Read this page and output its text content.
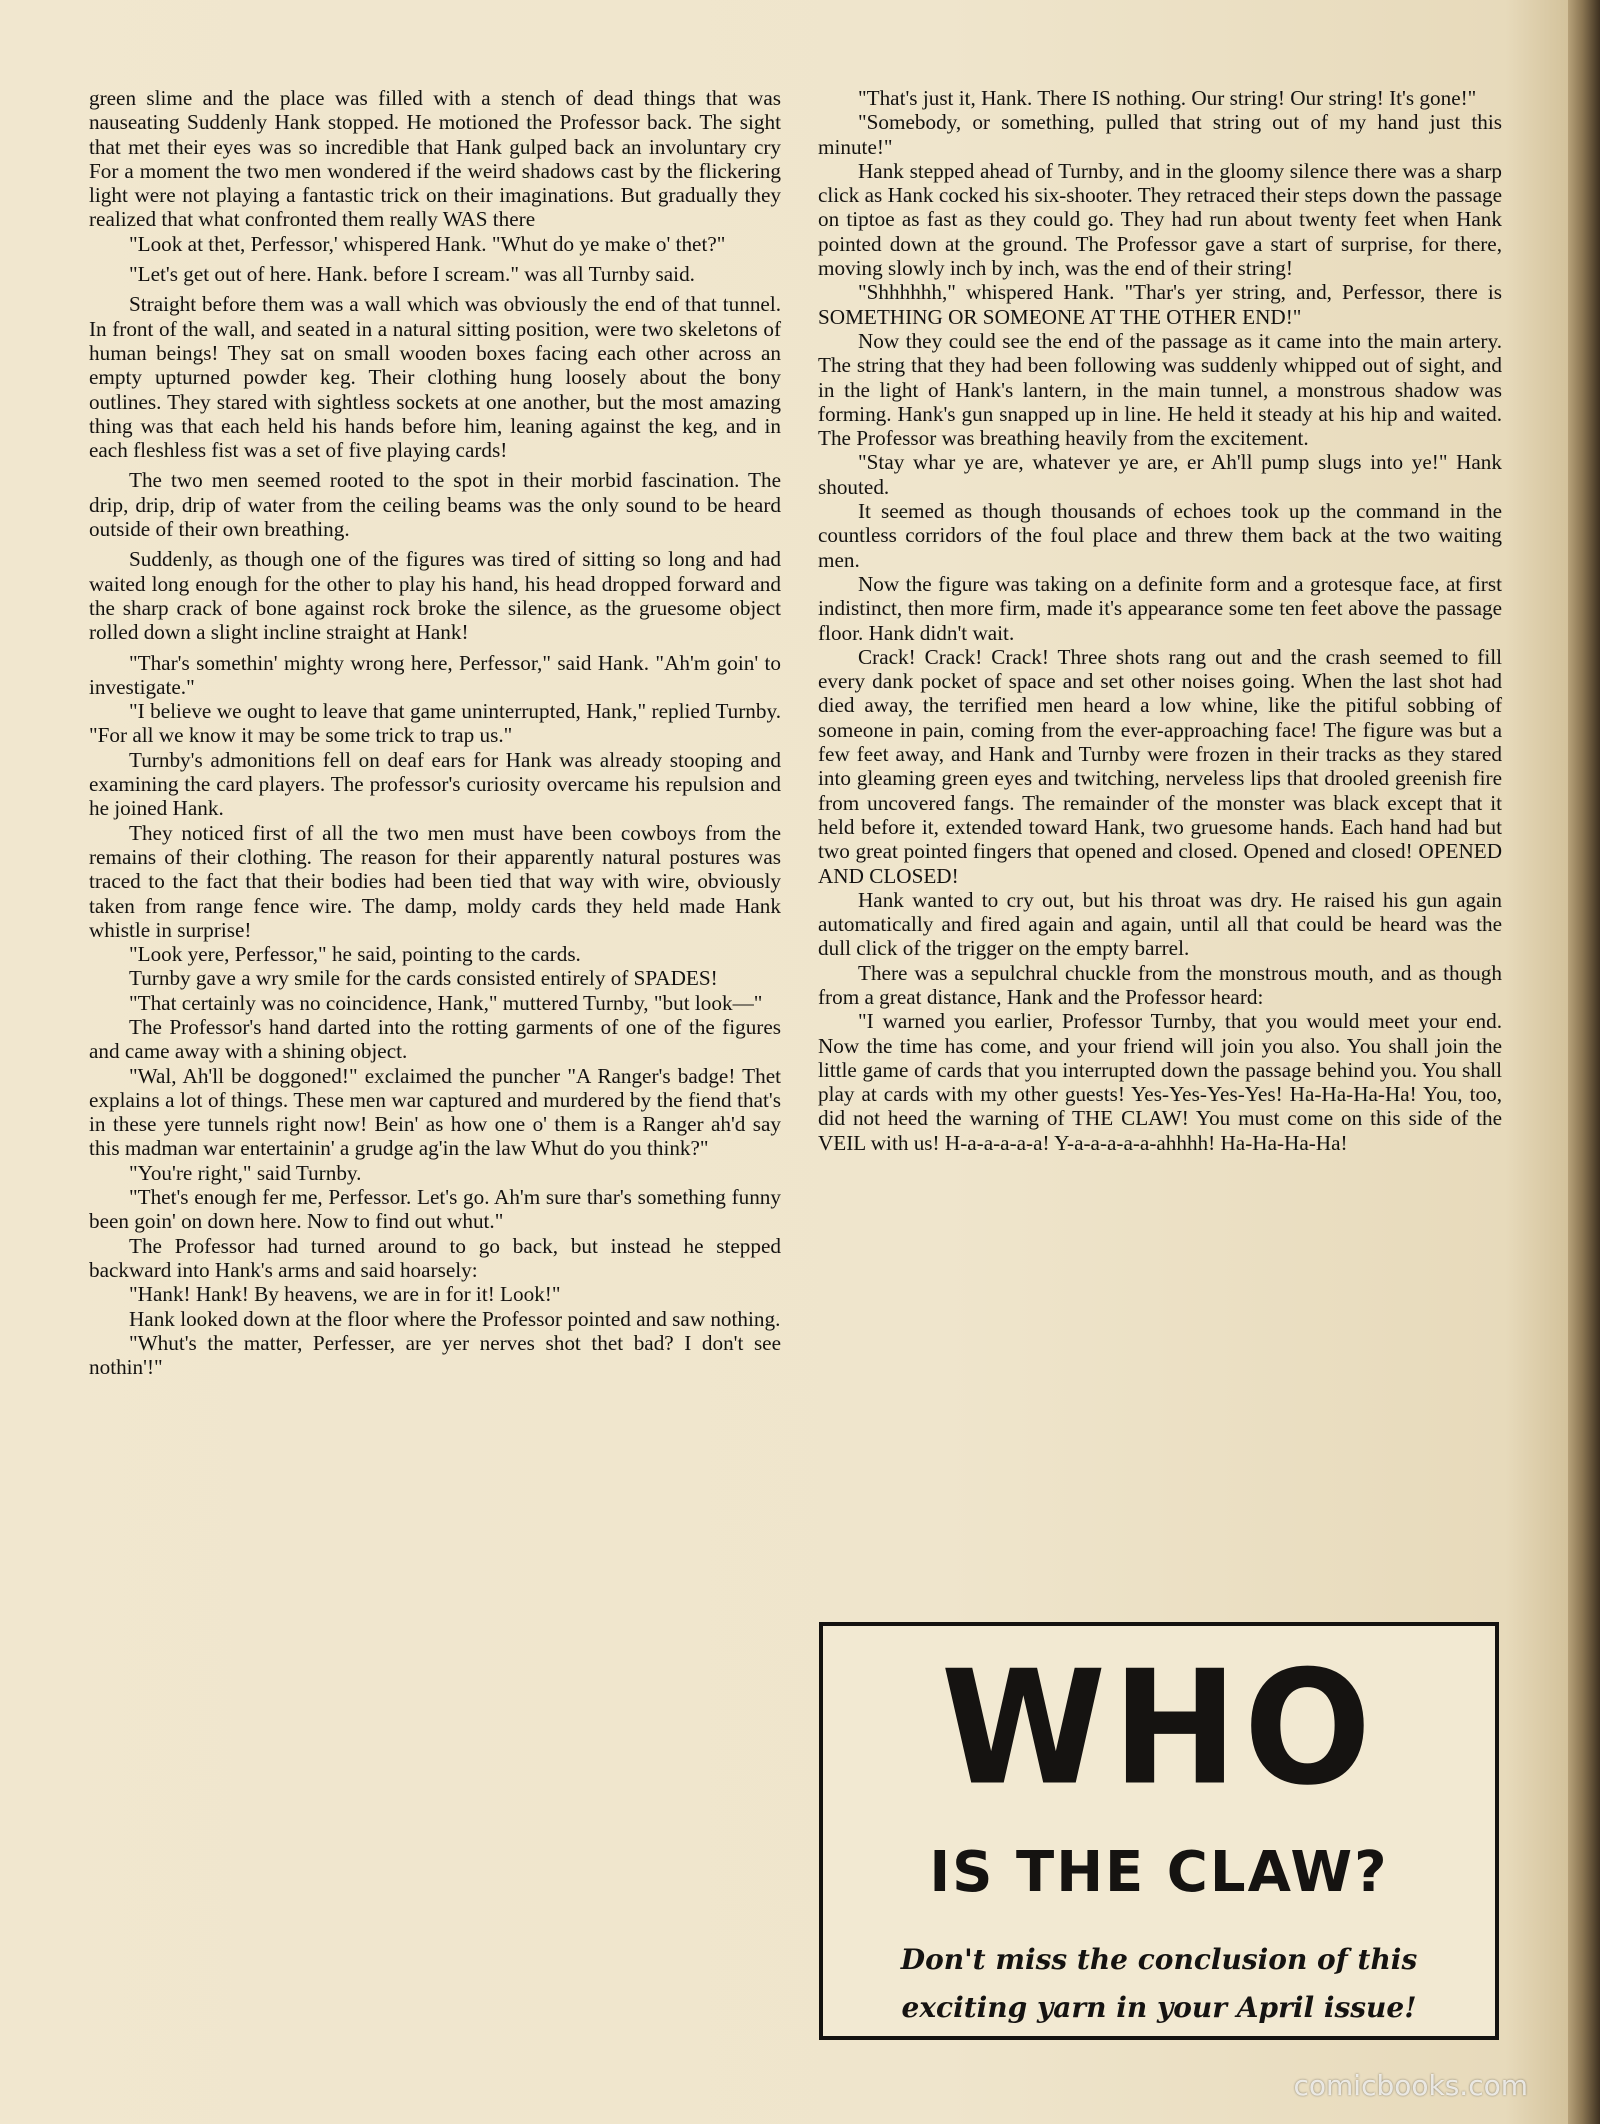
green slime and the place was filled with a stench of dead things that was nauseating Suddenly Hank stopped. He motioned the Professor back. The sight that met their eyes was so incredible that Hank gulped back an involuntary cry For a moment the two men wondered if the weird shadows cast by the flickering light were not playing a fantastic trick on their imaginations. But gradually they realized that what confronted them really WAS there

"Look at thet, Perfessor,' whispered Hank. "Whut do ye make o' thet?"

"Let's get out of here. Hank. before I scream." was all Turnby said.

Straight before them was a wall which was obviously the end of that tunnel. In front of the wall, and seated in a natural sitting position, were two skeletons of human beings! They sat on small wooden boxes facing each other across an empty upturned powder keg. Their clothing hung loosely about the bony outlines. They stared with sightless sockets at one another, but the most amazing thing was that each held his hands before him, leaning against the keg, and in each fleshless fist was a set of five playing cards!

The two men seemed rooted to the spot in their morbid fascination. The drip, drip, drip of water from the ceiling beams was the only sound to be heard outside of their own breathing.

Suddenly, as though one of the figures was tired of sitting so long and had waited long enough for the other to play his hand, his head dropped forward and the sharp crack of bone against rock broke the silence, as the gruesome object rolled down a slight incline straight at Hank!

"Thar's somethin' mighty wrong here, Perfessor," said Hank. "Ah'm goin' to investigate."

"I believe we ought to leave that game uninterrupted, Hank," replied Turnby. "For all we know it may be some trick to trap us."

Turnby's admonitions fell on deaf ears for Hank was already stooping and examining the card players. The professor's curiosity overcame his repulsion and he joined Hank.

They noticed first of all the two men must have been cowboys from the remains of their clothing. The reason for their apparently natural postures was traced to the fact that their bodies had been tied that way with wire, obviously taken from range fence wire. The damp, moldy cards they held made Hank whistle in surprise!

"Look yere, Perfessor," he said, pointing to the cards.

Turnby gave a wry smile for the cards consisted entirely of SPADES!

"That certainly was no coincidence, Hank," muttered Turnby, "but look—"

The Professor's hand darted into the rotting garments of one of the figures and came away with a shining object.

"Wal, Ah'll be doggoned!" exclaimed the puncher "A Ranger's badge! Thet explains a lot of things. These men war captured and murdered by the fiend that's in these yere tunnels right now! Bein' as how one o' them is a Ranger ah'd say this madman war entertainin' a grudge ag'in the law Whut do you think?"

"You're right," said Turnby.

"Thet's enough fer me, Perfessor. Let's go. Ah'm sure thar's something funny been goin' on down here. Now to find out whut."

The Professor had turned around to go back, but instead he stepped backward into Hank's arms and said hoarsely:

"Hank! Hank! By heavens, we are in for it! Look!"

Hank looked down at the floor where the Professor pointed and saw nothing.

"Whut's the matter, Perfesser, are yer nerves shot thet bad? I don't see nothin'!"

"That's just it, Hank. There IS nothing. Our string! Our string! It's gone!"

"Somebody, or something, pulled that string out of my hand just this minute!"

Hank stepped ahead of Turnby, and in the gloomy silence there was a sharp click as Hank cocked his six-shooter. They retraced their steps down the passage on tiptoe as fast as they could go. They had run about twenty feet when Hank pointed down at the ground. The Professor gave a start of surprise, for there, moving slowly inch by inch, was the end of their string!

"Shhhhhh," whispered Hank. "Thar's yer string, and, Perfessor, there is SOMETHING OR SOMEONE AT THE OTHER END!"

Now they could see the end of the passage as it came into the main artery. The string that they had been following was suddenly whipped out of sight, and in the light of Hank's lantern, in the main tunnel, a monstrous shadow was forming. Hank's gun snapped up in line. He held it steady at his hip and waited. The Professor was breathing heavily from the excitement.

"Stay whar ye are, whatever ye are, er Ah'll pump slugs into ye!" Hank shouted.

It seemed as though thousands of echoes took up the command in the countless corridors of the foul place and threw them back at the two waiting men.

Now the figure was taking on a definite form and a grotesque face, at first indistinct, then more firm, made it's appearance some ten feet above the passage floor. Hank didn't wait.

Crack! Crack! Crack! Three shots rang out and the crash seemed to fill every dank pocket of space and set other noises going. When the last shot had died away, the terrified men heard a low whine, like the pitiful sobbing of someone in pain, coming from the ever-approaching face! The figure was but a few feet away, and Hank and Turnby were frozen in their tracks as they stared into gleaming green eyes and twitching, nerveless lips that drooled greenish fire from uncovered fangs. The remainder of the monster was black except that it held before it, extended toward Hank, two gruesome hands. Each hand had but two great pointed fingers that opened and closed. Opened and closed! OPENED AND CLOSED!

Hank wanted to cry out, but his throat was dry. He raised his gun again automatically and fired again and again, until all that could be heard was the dull click of the trigger on the empty barrel.

There was a sepulchral chuckle from the monstrous mouth, and as though from a great distance, Hank and the Professor heard:

"I warned you earlier, Professor Turnby, that you would meet your end. Now the time has come, and your friend will join you also. You shall join the little game of cards that you interrupted down the passage behind you. You shall play at cards with my other guests! Yes-Yes-Yes-Yes! Ha-Ha-Ha-Ha! You, too, did not heed the warning of THE CLAW! You must come on this side of the VEIL with us! H-a-a-a-a-a! Y-a-a-a-a-a-ahhhh! Ha-Ha-Ha-Ha!

WHO
IS THE CLAW?
Don't miss the conclusion of this
exciting yarn in your April issue!
comicbooks.com
